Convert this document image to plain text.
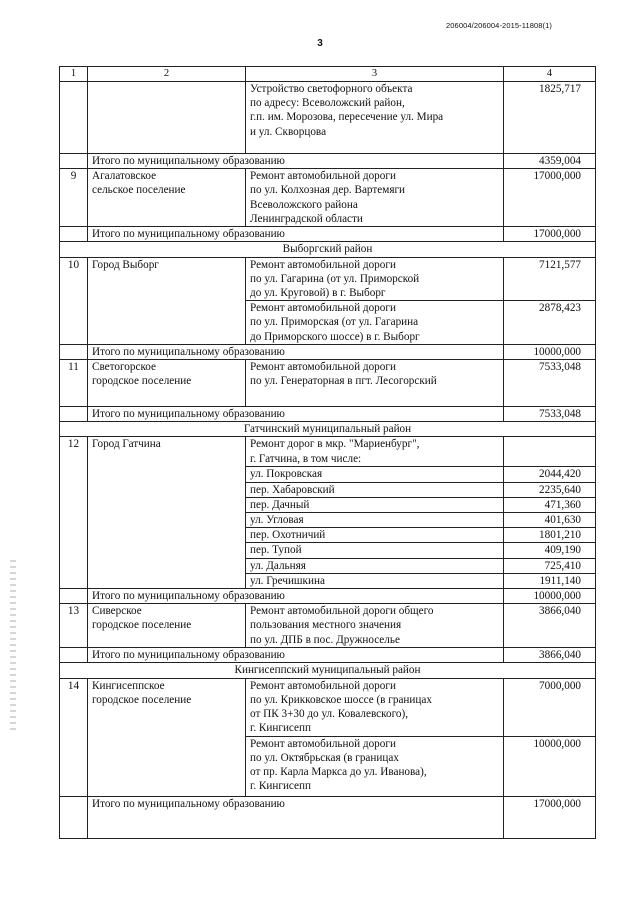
206004/206004-2015-11808(1)
3
1	2	3	4

		Устройство светофорного объекта
по адресу: Всеволожский район,
г.п. им. Морозова, пересечение ул. Мира
и ул. Скворцова	1825,717
	Итого по муниципальному образованию		4359,004
9	Агалатовское
сельское поселение	Ремонт автомобильной дороги
по ул. Колхозная дер. Вартемяги
Всеволожского района
Ленинградской области	17000,000
	Итого по муниципальному образованию		17000,000
Выборгский район			
10	Город Выборг	Ремонт автомобильной дороги
по ул. Гагарина (от ул. Приморской
до ул. Круговой) в г. Выборг	7121,577

		Ремонт автомобильной дороги
по ул. Приморская (от ул. Гагарина
до Приморского шоссе) в г. Выборг	2878,423
	Итого по муниципальному образованию		10000,000
11	Светогорское
городское поселение	Ремонт автомобильной дороги
по ул. Генераторная в пгт. Лесогорский	7533,048
	Итого по муниципальному образованию		7533,048
Гатчинский муниципальный район			
12	Город Гатчина	Ремонт дорог в мкр. "Мариенбург",
г. Гатчина, в том числе:	

		ул. Покровская	2044,420
		пер. Хабаровский	2235,640
		пер. Дачный	471,360
		ул. Угловая	401,630
		пер. Охотничий	1801,210
		пер. Тупой	409,190
		ул. Дальняя	725,410
		ул. Гречишкина	1911,140
	Итого по муниципальному образованию		10000,000
13	Сиверское
городское поселение	Ремонт автомобильной дороги общего
пользования местного значения
по ул. ДПБ в пос. Дружноселье	3866,040
	Итого по муниципальному образованию		3866,040
Кингисеппский муниципальный район			
14	Кингисеппское
городское поселение	Ремонт автомобильной дороги
по ул. Крикковское шоссе (в границах
от ПК 3+30 до ул. Ковалевского),
г. Кингисепп	7000,000

		Ремонт автомобильной дороги
по ул. Октябрьская (в границах
от пр. Карла Маркса до ул. Иванова),
г. Кингисепп	10000,000
	Итого по муниципальному образованию		17000,000
